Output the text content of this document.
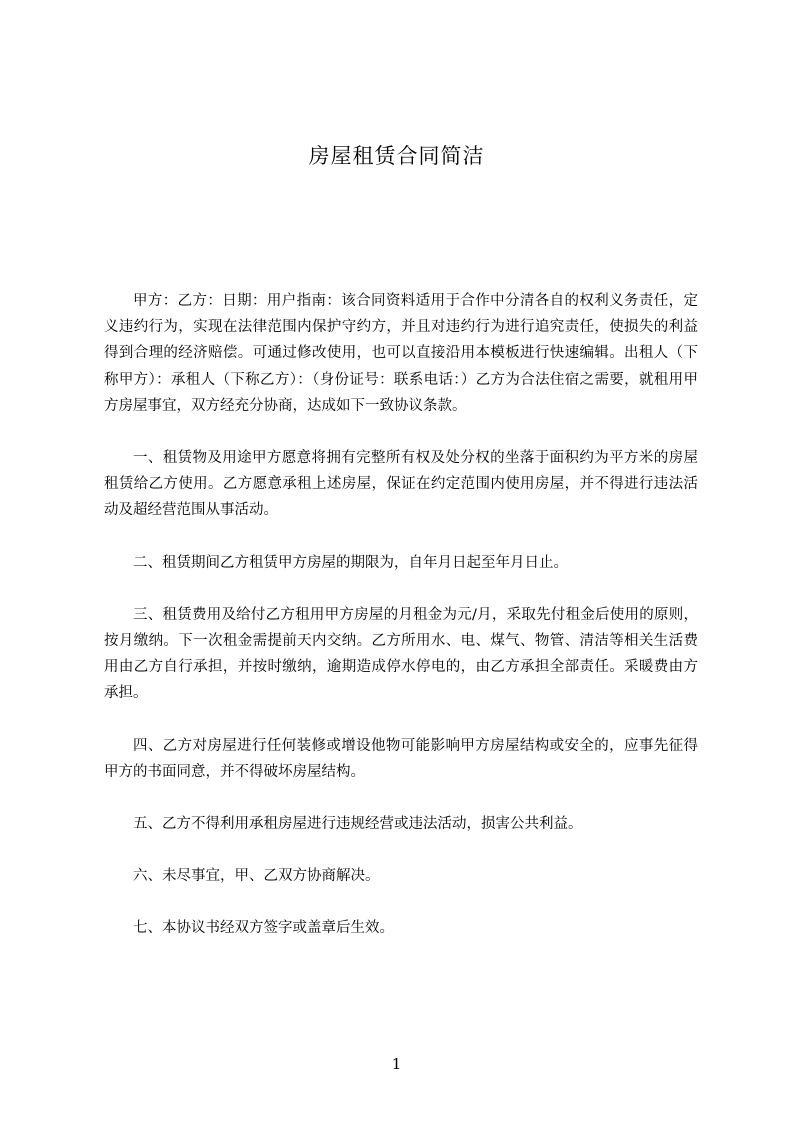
房屋租赁合同简洁

甲方：乙方：日期：用户指南：该合同资料适用于合作中分清各自的权利义务责任，定义违约行为，实现在法律范围内保护守约方，并且对违约行为进行追究责任，使损失的利益得到合理的经济赔偿。可通过修改使用，也可以直接沿用本模板进行快速编辑。出租人（下称甲方）：承租人（下称乙方）：（身份证号：联系电话：）乙方为合法住宿之需要，就租用甲方房屋事宜，双方经充分协商，达成如下一致协议条款。

一、租赁物及用途甲方愿意将拥有完整所有权及处分权的坐落于面积约为平方米的房屋租赁给乙方使用。乙方愿意承租上述房屋，保证在约定范围内使用房屋，并不得进行违法活动及超经营范围从事活动。

二、租赁期间乙方租赁甲方房屋的期限为，自年月日起至年月日止。

三、租赁费用及给付乙方租用甲方房屋的月租金为元/月，采取先付租金后使用的原则，按月缴纳。下一次租金需提前天内交纳。乙方所用水、电、煤气、物管、清洁等相关生活费用由乙方自行承担，并按时缴纳，逾期造成停水停电的，由乙方承担全部责任。采暖费由方承担。

四、乙方对房屋进行任何装修或增设他物可能影响甲方房屋结构或安全的，应事先征得甲方的书面同意，并不得破坏房屋结构。

五、乙方不得利用承租房屋进行违规经营或违法活动，损害公共利益。

六、未尽事宜，甲、乙双方协商解决。

七、本协议书经双方签字或盖章后生效。

1
